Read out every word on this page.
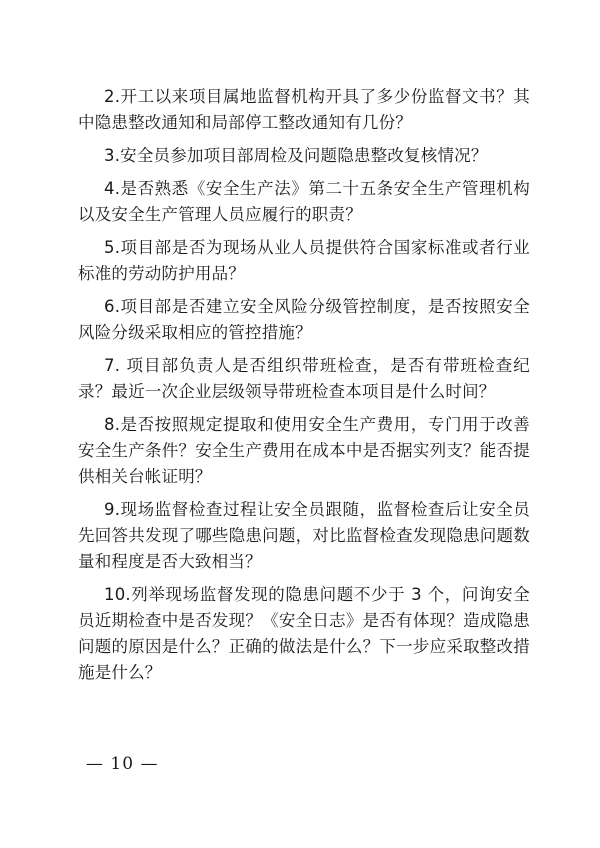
2.开工以来项目属地监督机构开具了多少份监督文书？其中隐患整改通知和局部停工整改通知有几份？

3.安全员参加项目部周检及问题隐患整改复核情况？

4.是否熟悉《安全生产法》第二十五条安全生产管理机构以及安全生产管理人员应履行的职责？

5.项目部是否为现场从业人员提供符合国家标准或者行业标准的劳动防护用品？

6.项目部是否建立安全风险分级管控制度，是否按照安全风险分级采取相应的管控措施？

7. 项目部负责人是否组织带班检查，是否有带班检查纪录？最近一次企业层级领导带班检查本项目是什么时间？

8.是否按照规定提取和使用安全生产费用，专门用于改善安全生产条件？安全生产费用在成本中是否据实列支？能否提供相关台帐证明？

9.现场监督检查过程让安全员跟随，监督检查后让安全员先回答共发现了哪些隐患问题，对比监督检查发现隐患问题数量和程度是否大致相当？

10.列举现场监督发现的隐患问题不少于 3 个，问询安全员近期检查中是否发现？《安全日志》是否有体现？造成隐患问题的原因是什么？正确的做法是什么？下一步应采取整改措施是什么？

— 10 —
